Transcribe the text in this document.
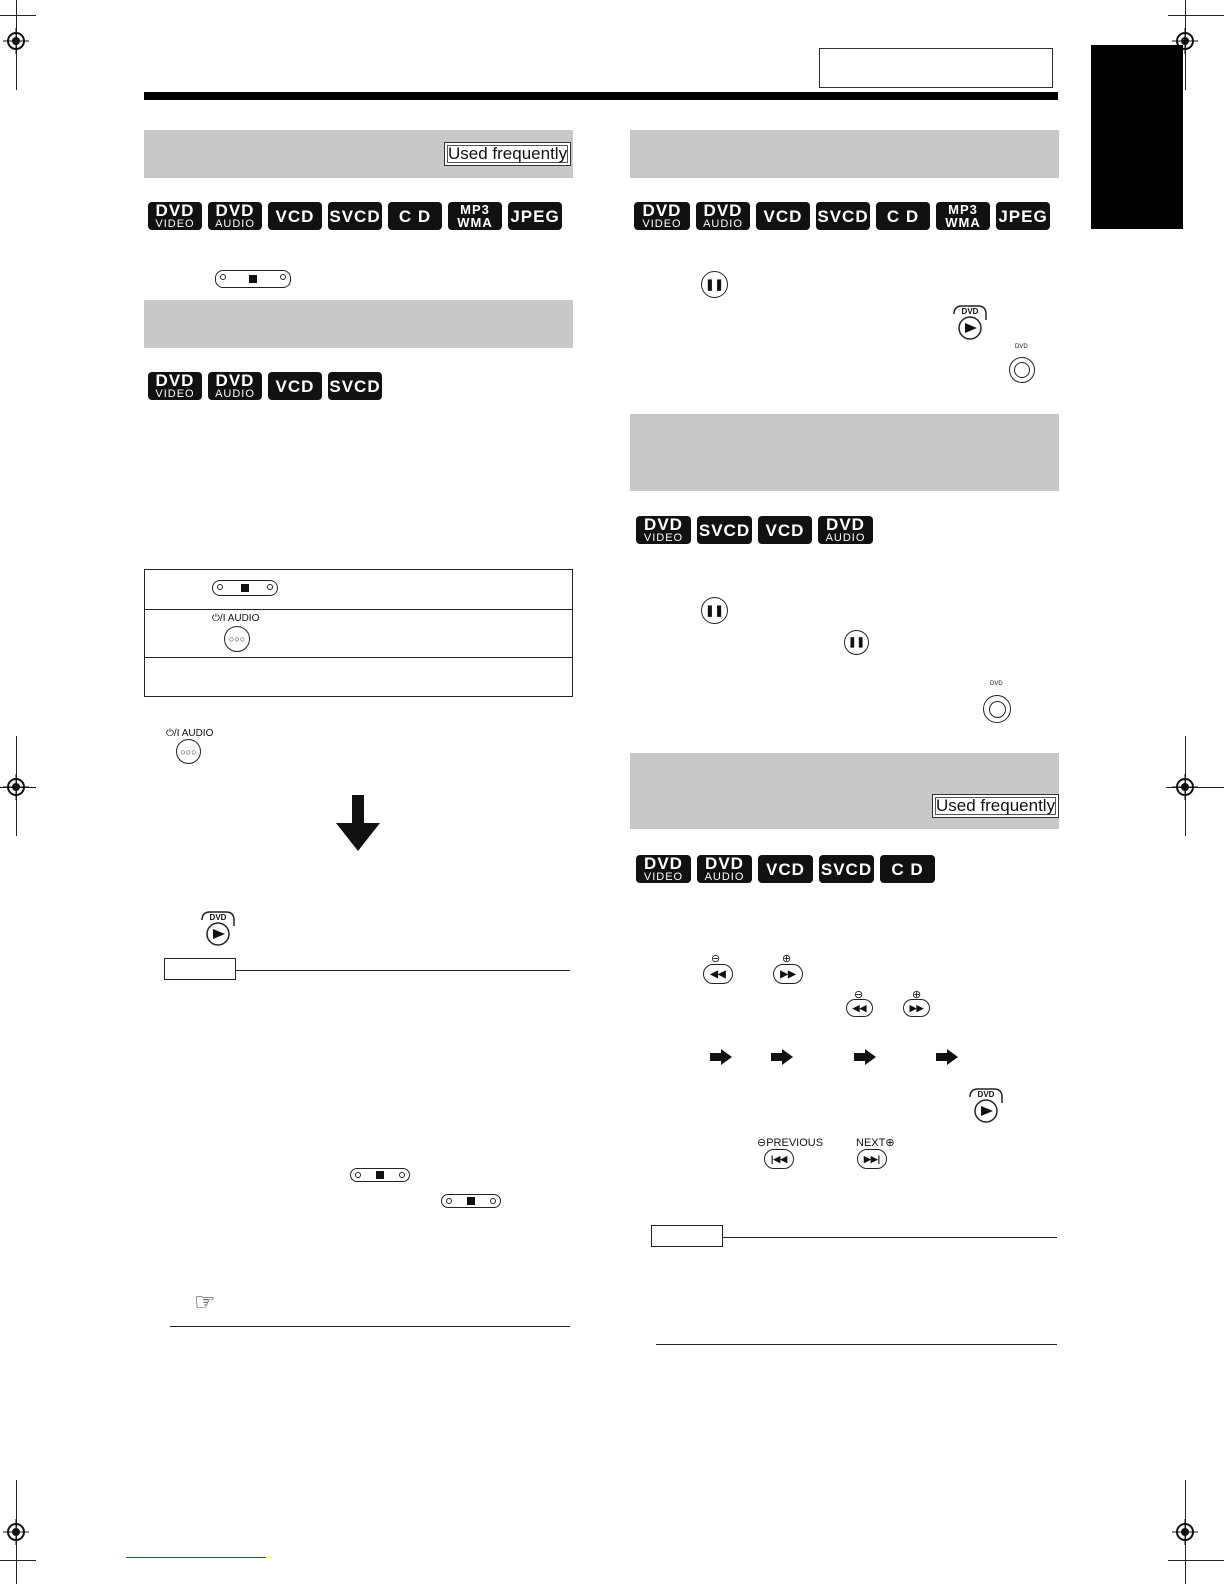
Used frequently
DVD
VIDEO
DVD
AUDIO VCD SVCD C D MP3
WMA JPEG
DVD
VIDEO
DVD
AUDIO VCD SVCD
⏻/I AUDIO
○○○
⏻/I AUDIO
○○○
DVD
☞
DVD
VIDEO
DVD
AUDIO VCD SVCD C D MP3
WMA JPEG
❚❚
DVD
DVD
DVD
VIDEO SVCD VCD DVD
AUDIO
❚❚
❚❚
DVD
Used frequently
DVD
VIDEO
DVD
AUDIO VCD SVCD C D
⊖
◀◀
⊕
▶▶
⊖
◀◀
⊕
▶▶
DVD
⊖PREVIOUS
|◀◀
NEXT⊕
▶▶|
